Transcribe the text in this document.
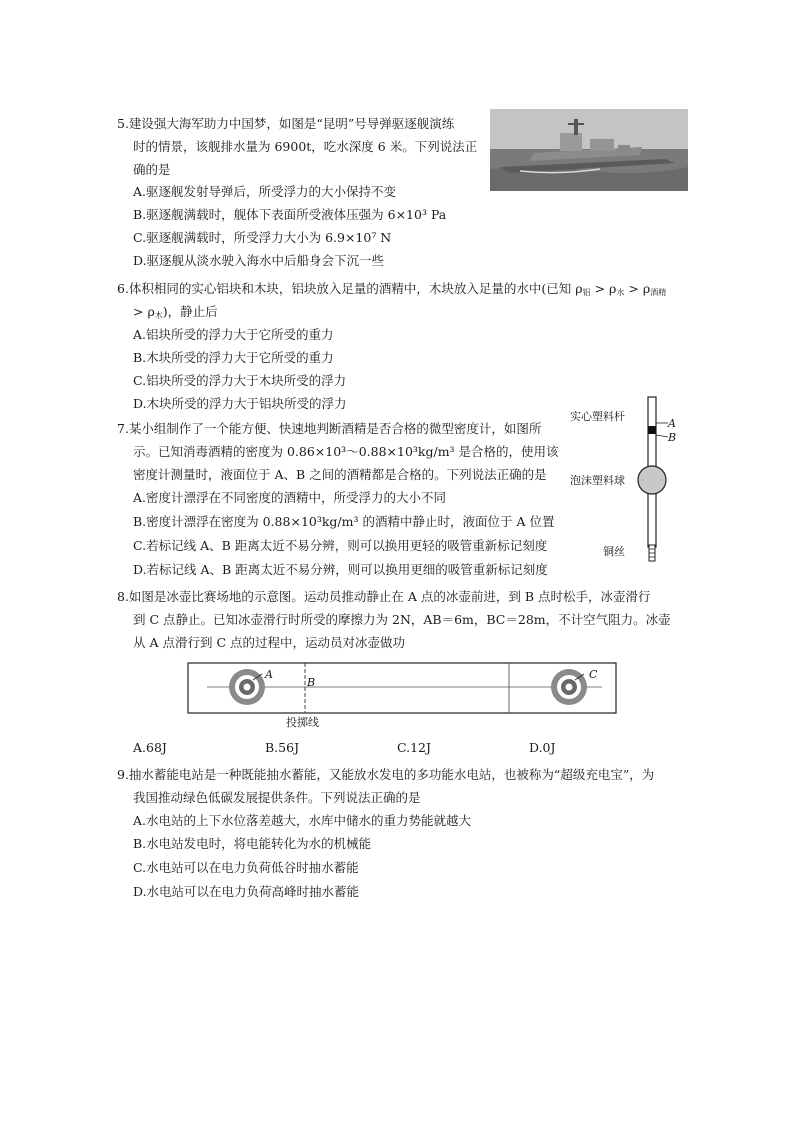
5.建设强大海军助力中国梦，如图是“昆明”号导弹驱逐舰演练
时的情景，该舰排水量为 6900t，吃水深度 6 米。下列说法正
确的是
A.驱逐舰发射导弹后，所受浮力的大小保持不变
B.驱逐舰满载时，舰体下表面所受液体压强为 6×10³ Pa
C.驱逐舰满载时，所受浮力大小为 6.9×10⁷ N
D.驱逐舰从淡水驶入海水中后船身会下沉一些
6.体积相同的实心铝块和木块，铝块放入足量的酒精中，木块放入足量的水中(已知 $\rho_铝 > \rho_水 > \rho_{酒精}$
> $\rho_木$)，静止后
A.铝块所受的浮力大于它所受的重力
B.木块所受的浮力大于它所受的重力
C.铝块所受的浮力大于木块所受的浮力
D.木块所受的浮力大于铝块所受的浮力
7.某小组制作了一个能方便、快速地判断酒精是否合格的微型密度计，如图所
示。已知消毒酒精的密度为 0.86×10³～0.88×10³kg/m³ 是合格的，使用该
密度计测量时，液面位于 A、B 之间的酒精都是合格的。下列说法正确的是
A.密度计漂浮在不同密度的酒精中，所受浮力的大小不同
B.密度计漂浮在密度为 0.88×10³kg/m³ 的酒精中静止时，液面位于 A 位置
C.若标记线 A、B 距离太近不易分辨，则可以换用更轻的吸管重新标记刻度
D.若标记线 A、B 距离太近不易分辨，则可以换用更细的吸管重新标记刻度
实心塑料杆
A
B
泡沫塑料球
铜丝
8.如图是冰壶比赛场地的示意图。运动员推动静止在 A 点的冰壶前进，到 B 点时松手，冰壶滑行
到 C 点静止。已知冰壶滑行时所受的摩擦力为 2N，AB＝6m，BC＝28m，不计空气阻力。冰壶
从 A 点滑行到 C 点的过程中，运动员对冰壶做功
A
B
C
投掷线
A.68J	B.56J	C.12J	D.0J
9.抽水蓄能电站是一种既能抽水蓄能，又能放水发电的多功能水电站，也被称为“超级充电宝”，为
我国推动绿色低碳发展提供条件。下列说法正确的是
A.水电站的上下水位落差越大，水库中储水的重力势能就越大
B.水电站发电时，将电能转化为水的机械能
C.水电站可以在电力负荷低谷时抽水蓄能
D.水电站可以在电力负荷高峰时抽水蓄能
